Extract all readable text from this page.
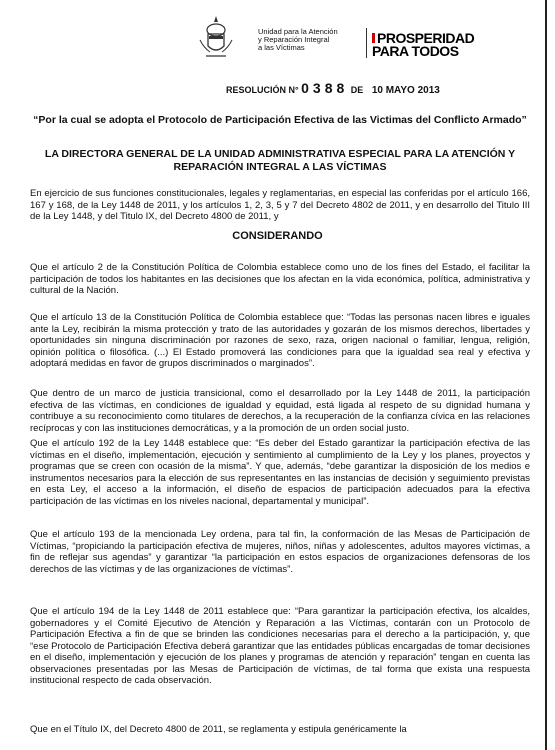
Unidad para la Atención
y Reparación Integral
a las Víctimas
PROSPERIDAD
PARA TODOS
RESOLUCIÓN N° 0388 DE 10 MAYO 2013
“Por la cual se adopta el Protocolo de Participación Efectiva de las Victimas del Conflicto Armado”
LA DIRECTORA GENERAL DE LA UNIDAD ADMINISTRATIVA ESPECIAL PARA LA ATENCIÓN Y REPARACIÓN INTEGRAL A LAS VÍCTIMAS
En ejercicio de sus funciones constitucionales, legales y reglamentarias, en especial las conferidas por el artículo 166, 167 y 168, de la Ley 1448 de 2011, y los artículos 1, 2, 3, 5 y 7 del Decreto 4802 de 2011, y en desarrollo del Titulo III de la Ley 1448, y del Titulo IX, del Decreto 4800 de 2011, y
CONSIDERANDO
Que el artículo 2 de la Constitución Política de Colombia establece como uno de los fines del Estado, el facilitar la participación de todos los habitantes en las decisiones que los afectan en la vida económica, política, administrativa y cultural de la Nación.
Que el artículo 13 de la Constitución Política de Colombia establece que: “Todas las personas nacen libres e iguales ante la Ley, recibirán la misma protección y trato de las autoridades y gozarán de los mismos derechos, libertades y oportunidades sin ninguna discriminación por razones de sexo, raza, origen nacional o familiar, lengua, religión, opinión política o filosófica. (...) El Estado promoverá las condiciones para que la igualdad sea real y efectiva y adoptará medidas en favor de grupos discriminados o marginados”.
Que dentro de un marco de justicia transicional, como el desarrollado por la Ley 1448 de 2011, la participación efectiva de las víctimas, en condiciones de igualdad y equidad, está ligada al respeto de su dignidad humana y contribuye a su reconocimiento como titulares de derechos, a la recuperación de la confianza cívica en las relaciones recíprocas y con las instituciones democráticas, y a la promoción de un orden social justo.
Que el artículo 192 de la Ley 1448 establece que: “Es deber del Estado garantizar la participación efectiva de las víctimas en el diseño, implementación, ejecución y sentimiento al cumplimiento de la Ley y los planes, proyectos y programas que se creen con ocasión de la misma”. Y que, además, “debe garantizar la disposición de los medios e instrumentos necesarios para la elección de sus representantes en las instancias de decisión y seguimiento previstas en esta Ley, el acceso a la información, el diseño de espacios de participación adecuados para la efectiva participación de las víctimas en los niveles nacional, departamental y municipal”.
Que el artículo 193 de la mencionada Ley ordena, para tal fin, la conformación de las Mesas de Participación de Víctimas, “propiciando la participación efectiva de mujeres, niños, niñas y adolescentes, adultos mayores víctimas, a fin de reflejar sus agendas” y garantizar “la participación en estos espacios de organizaciones defensoras de los derechos de las víctimas y de las organizaciones de víctimas”.
Que el artículo 194 de la Ley 1448 de 2011 establece que: “Para garantizar la participación efectiva, los alcaldes, gobernadores y el Comité Ejecutivo de Atención y Reparación a las Víctimas, contarán con un Protocolo de Participación Efectiva a fin de que se brinden las condiciones necesarias para el derecho a la participación, y, que “ese Protocolo de Participación Efectiva deberá garantizar que las entidades públicas encargadas de tomar decisiones en el diseño, implementación y ejecución de los planes y programas de atención y reparación” tengan en cuenta las observaciones presentadas por las Mesas de Participación de víctimas, de tal forma que exista una respuesta institucional respecto de cada observación.
Que en el Título IX, del Decreto 4800 de 2011, se reglamenta y estipula genéricamente la
